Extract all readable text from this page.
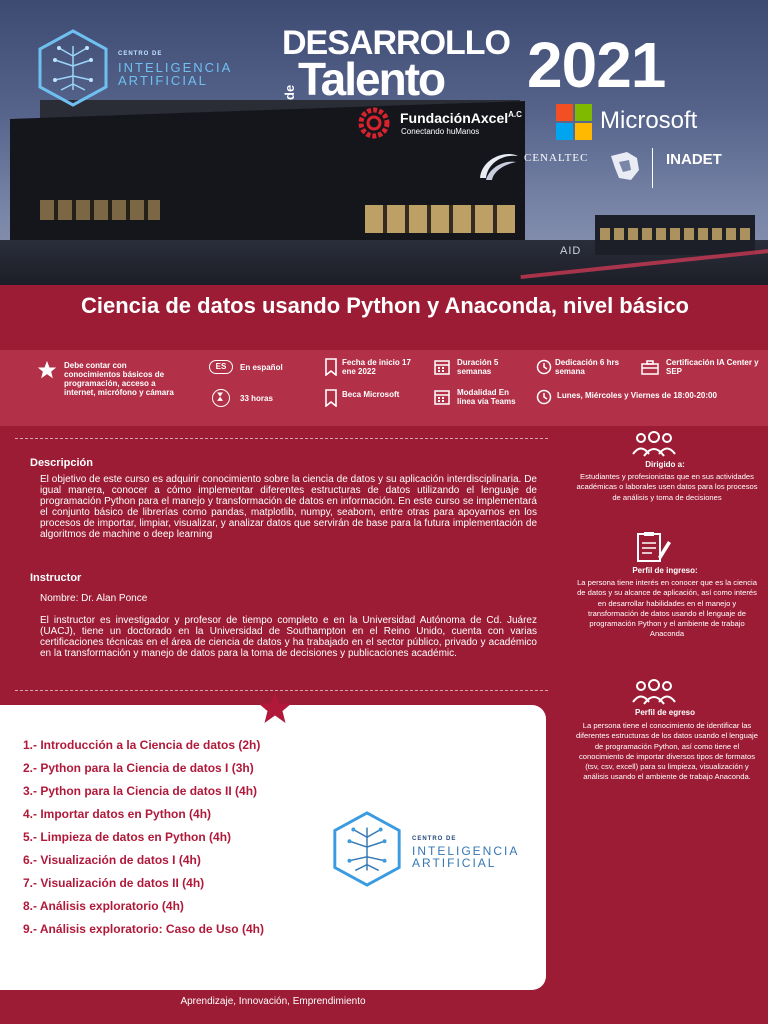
CENTRO DE
INTELIGENCIA
ARTIFICIAL
DESARROLLO
de Talento 2021
FundaciónAxcel$^{A.C}$
Conectando huManos	Microsoft
CENALTEC	INADET
AID
Ciencia de datos usando Python y Anaconda, nivel básico
Debe contar con conocimientos básicos de programación, acceso a internet, micrófono y cámara
ES	En español
33 horas
Fecha de inicio 17 ene 2022
Beca Microsoft
Duración 5 semanas
Modalidad En línea vía Teams
Dedicación 6 hrs semana
Lunes, Miércoles y Viernes de 18:00-20:00
Certificación IA Center y SEP
Descripción
El objetivo de este curso es adquirir conocimiento sobre la ciencia de datos y su aplicación interdisciplinaria. De igual manera, conocer a cómo implementar diferentes estructuras de datos utilizando el lenguaje de programación Python para el manejo y transformación de datos en información. En este curso se implementará el conjunto básico de librerías como pandas, matplotlib, numpy, seaborn, entre otras para apoyarnos en los procesos de importar, limpiar, visualizar, y analizar datos que servirán de base para la futura implementación de algoritmos de machine o deep learning
Instructor
Nombre: Dr. Alan Ponce
El instructor es investigador y profesor de tiempo completo e en la Universidad Autónoma de Cd. Juárez (UACJ), tiene un doctorado en la Universidad de Southampton en el Reino Unido, cuenta con varias certificaciones técnicas en el área de ciencia de datos y ha trabajado en el sector público, privado y académico en la transformación y manejo de datos para la toma de decisiones y publicaciones académic.
Dirigido a:
Estudiantes y profesionistas que en sus actividades académicas o laborales usen datos para los procesos de análisis y toma de decisiones
Perfil de ingreso:
La persona tiene interés en conocer que es la ciencia de datos y su alcance de aplicación, así como interés en desarrollar habilidades en el manejo y transformación de datos usando el lenguaje de programación Python y el ambiente de trabajo Anaconda
Perfil de egreso
La persona tiene el conocimiento de identificar las diferentes estructuras de los datos usando el lenguaje de programación Python, así como tiene el conocimiento de importar diversos tipos de formatos (tsv, csv, excell) para su limpieza, visualización y análisis usando el ambiente de trabajo Anaconda.
1.- Introducción a la Ciencia de datos (2h)
2.- Python para la Ciencia de datos I (3h)
3.- Python para la Ciencia de datos II (4h)
4.- Importar datos en Python (4h)
5.- Limpieza de datos en Python (4h)
6.- Visualización de datos I (4h)
7.- Visualización de datos II (4h)
8.- Análisis exploratorio (4h)
9.- Análisis exploratorio: Caso de Uso (4h)
CENTRO DE
INTELIGENCIA
ARTIFICIAL
Aprendizaje, Innovación, Emprendimiento
